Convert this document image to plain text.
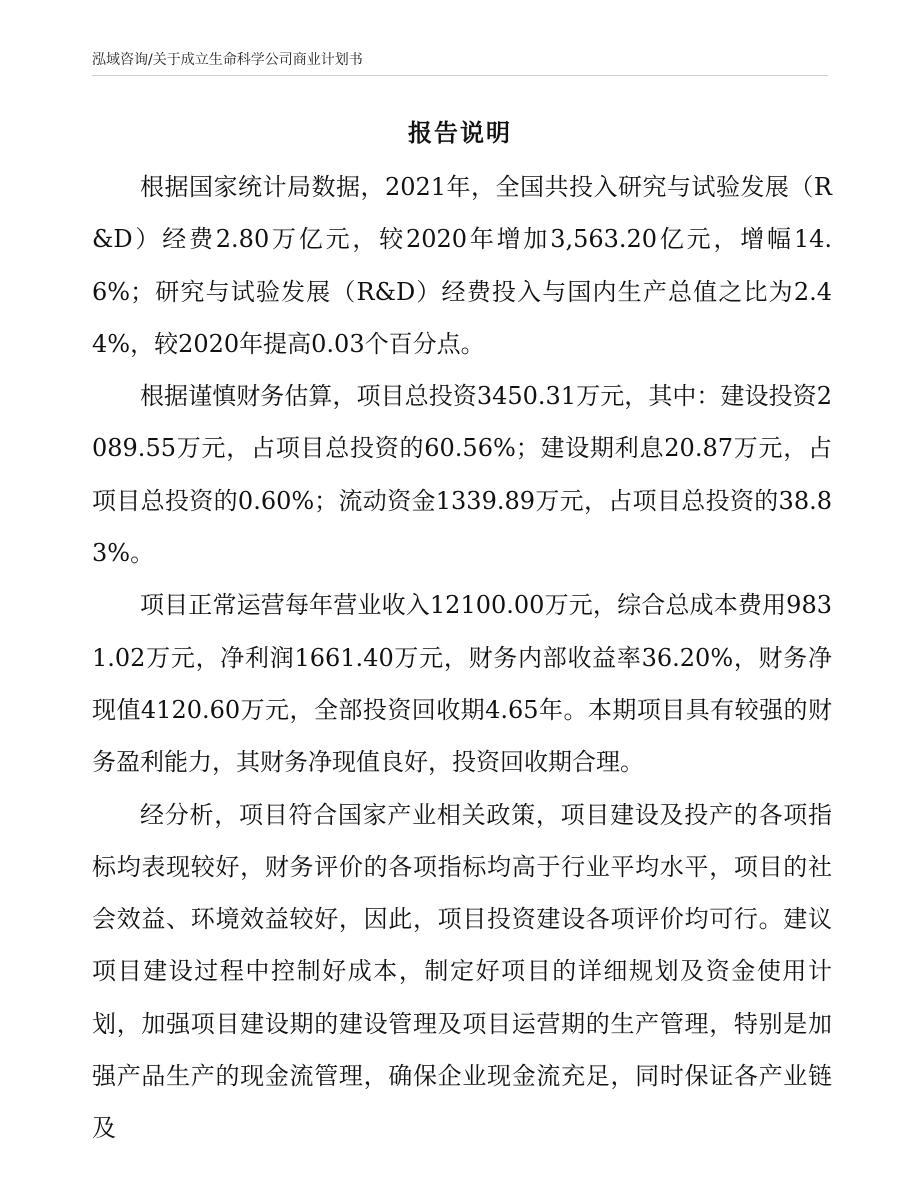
泓域咨询/关于成立生命科学公司商业计划书
报告说明

根据国家统计局数据，2021年，全国共投入研究与试验发展（R&D）经费2.80万亿元，较2020年增加3,563.20亿元，增幅14.6%；研究与试验发展（R&D）经费投入与国内生产总值之比为2.44%，较2020年提高0.03个百分点。

根据谨慎财务估算，项目总投资3450.31万元，其中：建设投资2089.55万元，占项目总投资的60.56%；建设期利息20.87万元，占项目总投资的0.60%；流动资金1339.89万元，占项目总投资的38.83%。

项目正常运营每年营业收入12100.00万元，综合总成本费用9831.02万元，净利润1661.40万元，财务内部收益率36.20%，财务净现值4120.60万元，全部投资回收期4.65年。本期项目具有较强的财务盈利能力，其财务净现值良好，投资回收期合理。

经分析，项目符合国家产业相关政策，项目建设及投产的各项指标均表现较好，财务评价的各项指标均高于行业平均水平，项目的社会效益、环境效益较好，因此，项目投资建设各项评价均可行。建议项目建设过程中控制好成本，制定好项目的详细规划及资金使用计划，加强项目建设期的建设管理及项目运营期的生产管理，特别是加强产品生产的现金流管理，确保企业现金流充足，同时保证各产业链及
